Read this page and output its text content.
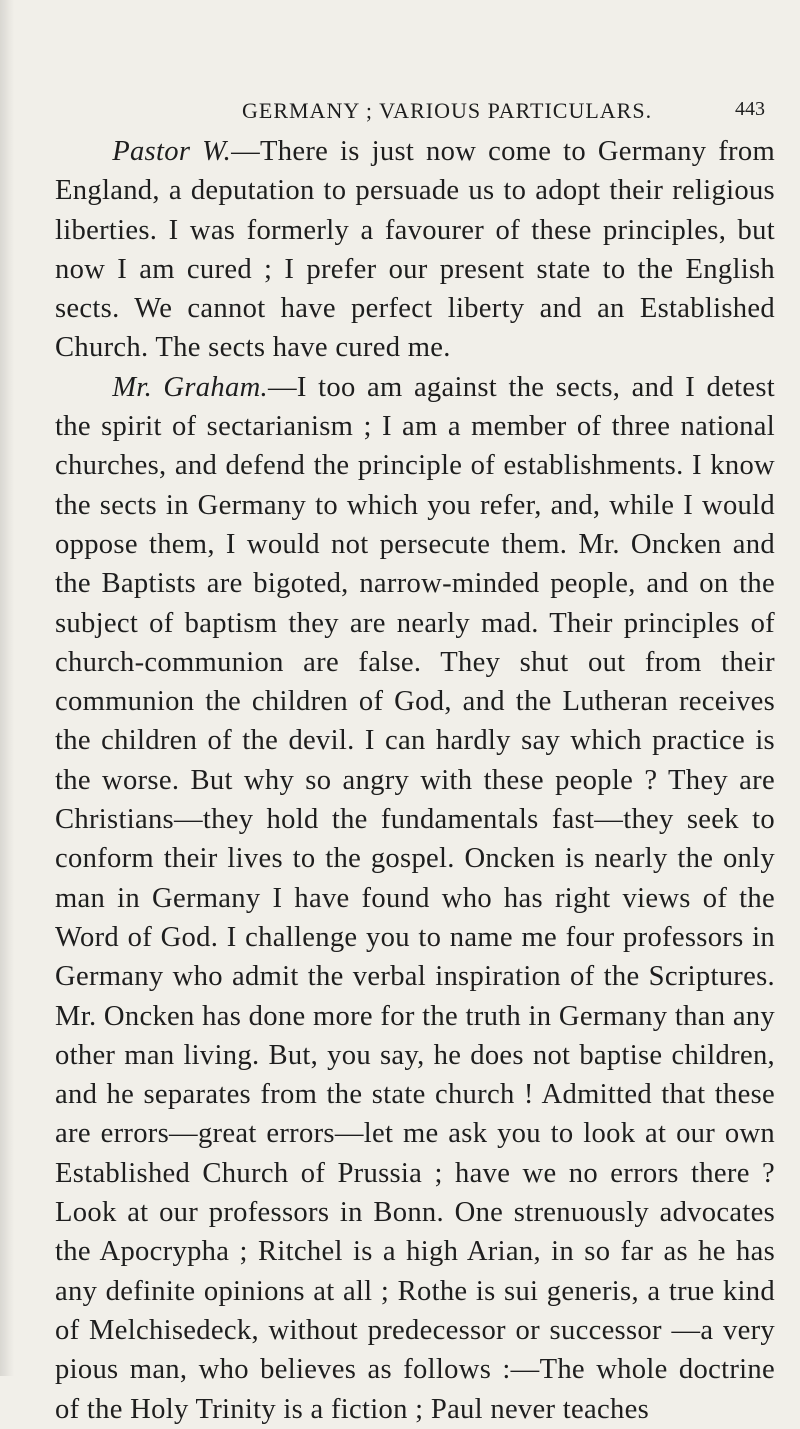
GERMANY ; VARIOUS PARTICULARS.	443

Pastor W.—There is just now come to Germany from England, a deputation to persuade us to adopt their religious liberties. I was formerly a favourer of these principles, but now I am cured ; I prefer our present state to the English sects. We cannot have perfect liberty and an Established Church. The sects have cured me.

Mr. Graham.—I too am against the sects, and I detest the spirit of sectarianism ; I am a member of three national churches, and defend the principle of establishments. I know the sects in Germany to which you refer, and, while I would oppose them, I would not persecute them. Mr. Oncken and the Baptists are bigoted, narrow-minded people, and on the subject of baptism they are nearly mad. Their principles of church-communion are false. They shut out from their communion the children of God, and the Lutheran receives the children of the devil. I can hardly say which practice is the worse. But why so angry with these people ? They are Christians—they hold the fundamentals fast—they seek to conform their lives to the gospel. Oncken is nearly the only man in Germany I have found who has right views of the Word of God. I challenge you to name me four professors in Germany who admit the verbal inspiration of the Scriptures. Mr. Oncken has done more for the truth in Germany than any other man living. But, you say, he does not baptise children, and he separates from the state church ! Admitted that these are errors—great errors—let me ask you to look at our own Established Church of Prussia ; have we no errors there ? Look at our professors in Bonn. One strenuously advocates the Apocrypha ; Ritchel is a high Arian, in so far as he has any definite opinions at all ; Rothe is sui generis, a true kind of Melchisedeck, without predecessor or successor —a very pious man, who believes as follows :—The whole doctrine of the Holy Trinity is a fiction ; Paul never teaches
